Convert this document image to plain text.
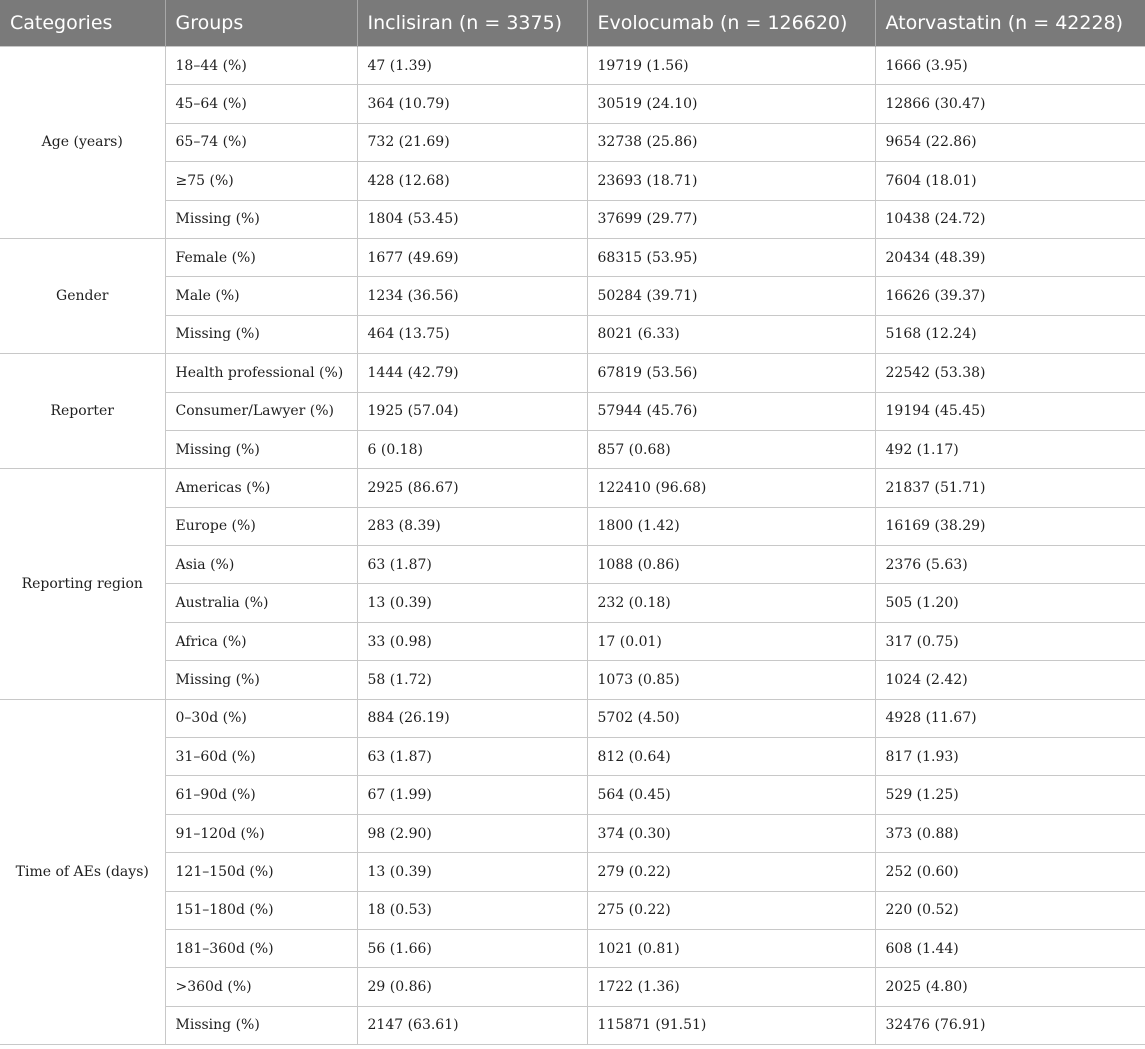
Categories	Groups	Inclisiran (n = 3375)	Evolocumab (n = 126620)	Atorvastatin (n = 42228)
Age (years)	18–44 (%)	47 (1.39)	19719 (1.56)	1666 (3.95)
	45–64 (%)	364 (10.79)	30519 (24.10)	12866 (30.47)
	65–74 (%)	732 (21.69)	32738 (25.86)	9654 (22.86)
	≥75 (%)	428 (12.68)	23693 (18.71)	7604 (18.01)
	Missing (%)	1804 (53.45)	37699 (29.77)	10438 (24.72)
Gender	Female (%)	1677 (49.69)	68315 (53.95)	20434 (48.39)
	Male (%)	1234 (36.56)	50284 (39.71)	16626 (39.37)
	Missing (%)	464 (13.75)	8021 (6.33)	5168 (12.24)
Reporter	Health professional (%)	1444 (42.79)	67819 (53.56)	22542 (53.38)
	Consumer/Lawyer (%)	1925 (57.04)	57944 (45.76)	19194 (45.45)
	Missing (%)	6 (0.18)	857 (0.68)	492 (1.17)
Reporting region	Americas (%)	2925 (86.67)	122410 (96.68)	21837 (51.71)
	Europe (%)	283 (8.39)	1800 (1.42)	16169 (38.29)
	Asia (%)	63 (1.87)	1088 (0.86)	2376 (5.63)
	Australia (%)	13 (0.39)	232 (0.18)	505 (1.20)
	Africa (%)	33 (0.98)	17 (0.01)	317 (0.75)
	Missing (%)	58 (1.72)	1073 (0.85)	1024 (2.42)
Time of AEs (days)	0–30d (%)	884 (26.19)	5702 (4.50)	4928 (11.67)
	31–60d (%)	63 (1.87)	812 (0.64)	817 (1.93)
	61–90d (%)	67 (1.99)	564 (0.45)	529 (1.25)
	91–120d (%)	98 (2.90)	374 (0.30)	373 (0.88)
	121–150d (%)	13 (0.39)	279 (0.22)	252 (0.60)
	151–180d (%)	18 (0.53)	275 (0.22)	220 (0.52)
	181–360d (%)	56 (1.66)	1021 (0.81)	608 (1.44)
	>360d (%)	29 (0.86)	1722 (1.36)	2025 (4.80)
	Missing (%)	2147 (63.61)	115871 (91.51)	32476 (76.91)
